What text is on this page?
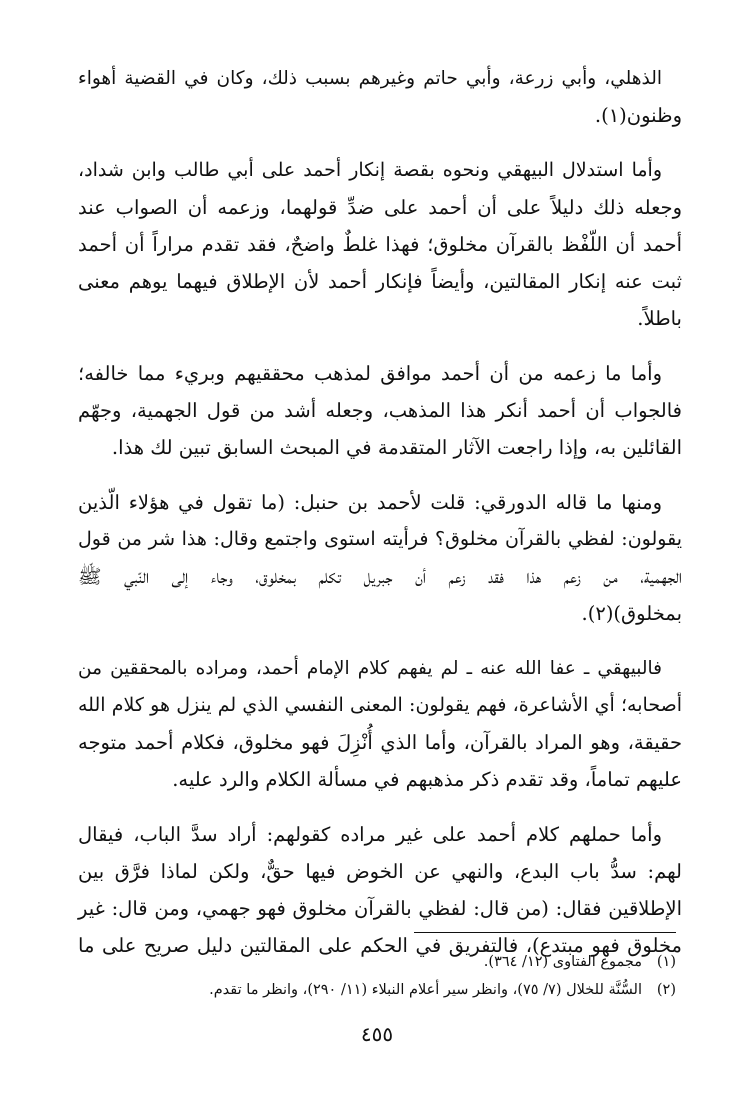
الذهلي، وأبي زرعة، وأبي حاتم وغيرهم بسبب ذلك، وكان في القضية أهواء
وظنون(١).
وأما استدلال البيهقي ونحوه بقصة إنكار أحمد على أبي طالب وابن شداد،
وجعله ذلك دليلاً على أن أحمد على ضدِّ قولهما، وزعمه أن الصواب عند
أحمد أن اللّفْظ بالقرآن مخلوق؛ فهذا غلطٌ واضحٌ، فقد تقدم مراراً أن أحمد
ثبت عنه إنكار المقالتين، وأيضاً فإنكار أحمد لأن الإطلاق فيهما يوهم معنى
باطلاً.
وأما ما زعمه من أن أحمد موافق لمذهب محققيهم وبريء مما خالفه؛
فالجواب أن أحمد أنكر هذا المذهب، وجعله أشد من قول الجهمية، وجهّم
القائلين به، وإذا راجعت الآثار المتقدمة في المبحث السابق تبين لك هذا.
ومنها ما قاله الدورقي: قلت لأحمد بن حنبل: (ما تقول في هؤلاء الّذين
يقولون: لفظي بالقرآن مخلوق؟ فرأيته استوى واجتمع وقال: هذا شر من قول
الجهمية، من زعم هذا فقد زعم أن جبريل تكلم بمخلوق، وجاء إلى النّبي ﷺ
بمخلوق)(٢).
فالبيهقي ـ عفا الله عنه ـ لم يفهم كلام الإمام أحمد، ومراده بالمحققين من
أصحابه؛ أي الأشاعرة، فهم يقولون: المعنى النفسي الذي لم ينزل هو كلام الله
حقيقة، وهو المراد بالقرآن، وأما الذي أُنْزِلَ فهو مخلوق، فكلام أحمد متوجه
عليهم تماماً، وقد تقدم ذكر مذهبهم في مسألة الكلام والرد عليه.
وأما حملهم كلام أحمد على غير مراده كقولهم: أراد سدَّ الباب، فيقال
لهم: سدُّ باب البدع، والنهي عن الخوض فيها حقٌّ، ولكن لماذا فرَّق بين
الإطلاقين فقال: (من قال: لفظي بالقرآن مخلوق فهو جهمي، ومن قال: غير
مخلوق فهو مبتدع)، فالتفريق في الحكم على المقالتين دليل صريح على ما
(١)مجموع الفتاوى (١٢/ ٣٦٤).
(٢)السُّنَّة للخلال (٧/ ٧٥)، وانظر سير أعلام النبلاء (١١/ ٢٩٠)، وانظر ما تقدم.
٤٥٥
